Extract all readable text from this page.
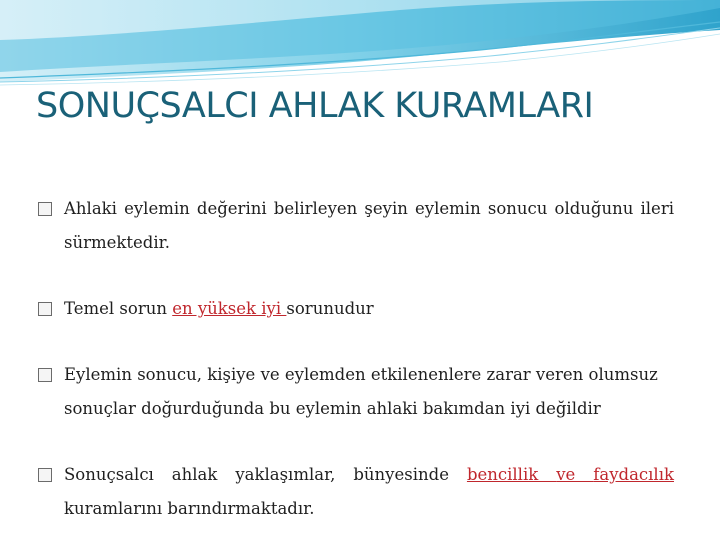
SONUÇSALCI AHLAK KURAMLARI
Ahlaki eylemin değerini belirleyen şeyin eylemin sonucu olduğunu ileri sürmektedir.
Temel sorun en yüksek iyi sorunudur
Eylemin sonucu, kişiye ve eylemden etkilenenlere zarar veren olumsuz sonuçlar doğurduğunda bu eylemin ahlaki bakımdan iyi değildir
Sonuçsalcı ahlak yaklaşımlar, bünyesinde bencillik ve faydacılık kuramlarını barındırmaktadır.
